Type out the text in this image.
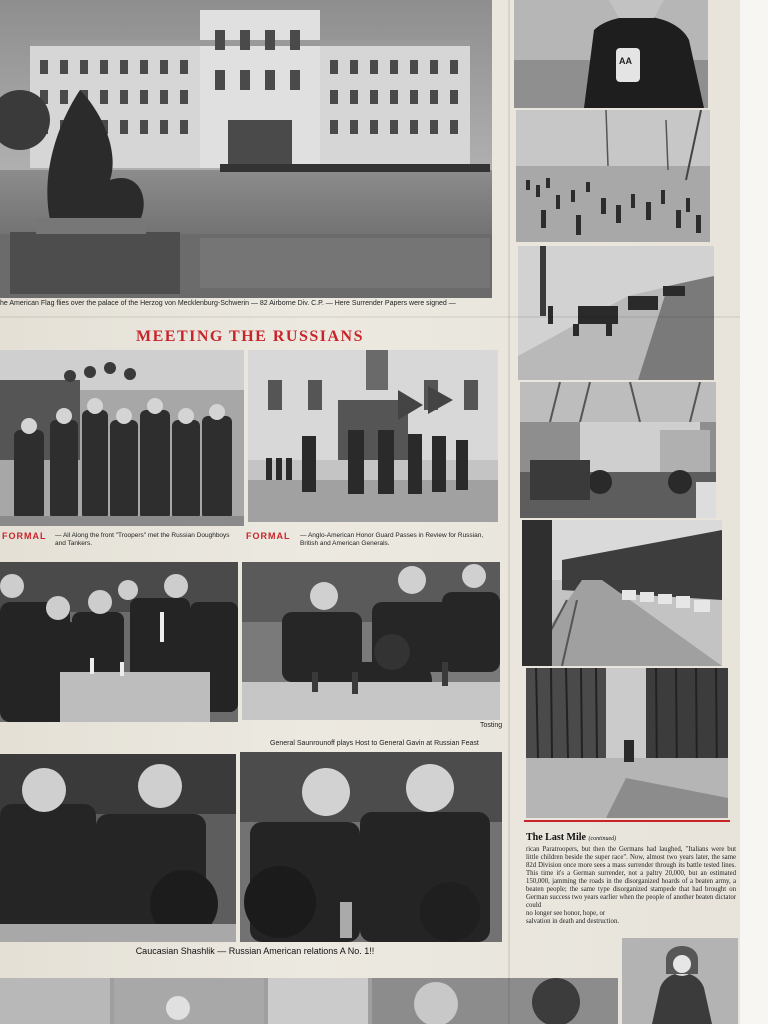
he American Flag flies over the palace of the Herzog von Mecklenburg-Schwerin — 82 Airborne Div. C.P. — Here Surrender Papers were signed —
AA
MEETING THE RUSSIANS
FORMAL — All Along the front "Troopers" met the Russian Doughboys and Tankers.
FORMAL — Anglo-American Honor Guard Passes in Review for Russian, British and American Generals.
Tosting
General Saunrounoff plays Host to General Gavin at Russian Feast
Caucasian Shashlik — Russian American relations A No. 1!!
The Last Mile (continued)
rican Paratroopers, but then the Germans had laughed, "Italians were but little children beside the super race". Now, almost two years later, the same 82d Division once more sees a mass surrender through its battle tested lines. This time it's a German surrender, not a paltry 20,000, but an estimated 150,000, jamming the roads in the disorganized hoards of a beaten army, a beaten people; the same type disorganized stampede that had brought on German success two years earlier when the people of another beaten dictator could
no longer see honor, hope, or salvation in death and destruction.
